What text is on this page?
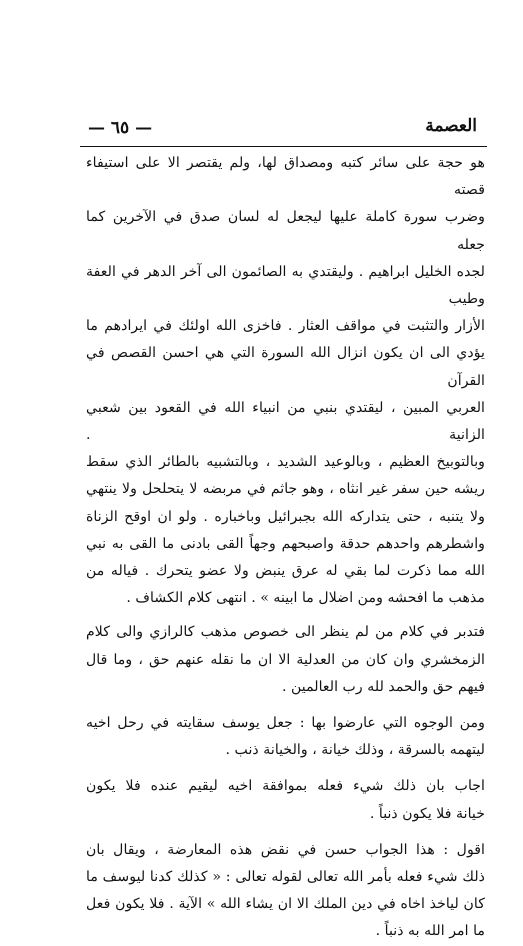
— ٦٥ —	العصمة
هو حجة على سائر كتبه ومصداق لها، ولم يقتصر الا على استيفاء قصته
وضرب سورة كاملة عليها ليجعل له لسان صدق في الآخرين كما جعله
لجده الخليل ابراهيم . وليقتدي به الصائمون الى آخر الدهر في العفة وطيب
الأزار والتثبت في مواقف العثار . فاخزى الله اولئك في ايرادهم ما
يؤدي الى ان يكون انزال الله السورة التي هي احسن القصص في القرآن
العربي المبين ، ليقتدي بنبي من انبياء الله في القعود بين شعبي الزانية .
وبالتوبيخ العظيم ، وبالوعيد الشديد ، وبالتشبيه بالطائر الذي سقط
ريشه حين سفر غير انثاه ، وهو جاثم في مربضه لا يتحلحل ولا ينتهي
ولا يتنبه ، حتى يتداركه الله بجبرائيل وباخباره . ولو ان اوقح الزناة
واشطرهم واحدهم حدقة واصبحهم وجهاً القى بادنى ما القى به نبي
الله مما ذكرت لما بقي له عرق ينبض ولا عضو يتحرك . فياله من
مذهب ما افحشه ومن اضلال ما ابينه » . انتهى كلام الكشاف .
فتدبر في كلام من لم ينظر الى خصوص مذهب كالرازي والى كلام
الزمخشري وان كان من العدلية الا ان ما نقله عنهم حق ، وما قال
فيهم حق والحمد لله رب العالمين .
ومن الوجوه التي عارضوا بها : جعل يوسف سقايته في رحل اخيه
ليتهمه بالسرقة ، وذلك خيانة ، والخيانة ذنب .
اجاب بان ذلك شيء فعله بموافقة اخيه ليقيم عنده فلا يكون
خيانة فلا يكون ذنباً .
اقول : هذا الجواب حسن في نقض هذه المعارضة ، ويقال بان
ذلك شيء فعله بأمر الله تعالى لقوله تعالى : « كذلك كدنا ليوسف ما
كان لياخذ اخاه في دين الملك الا ان يشاء الله » الآية . فلا يكون فعل
ما امر الله به ذنباً .
